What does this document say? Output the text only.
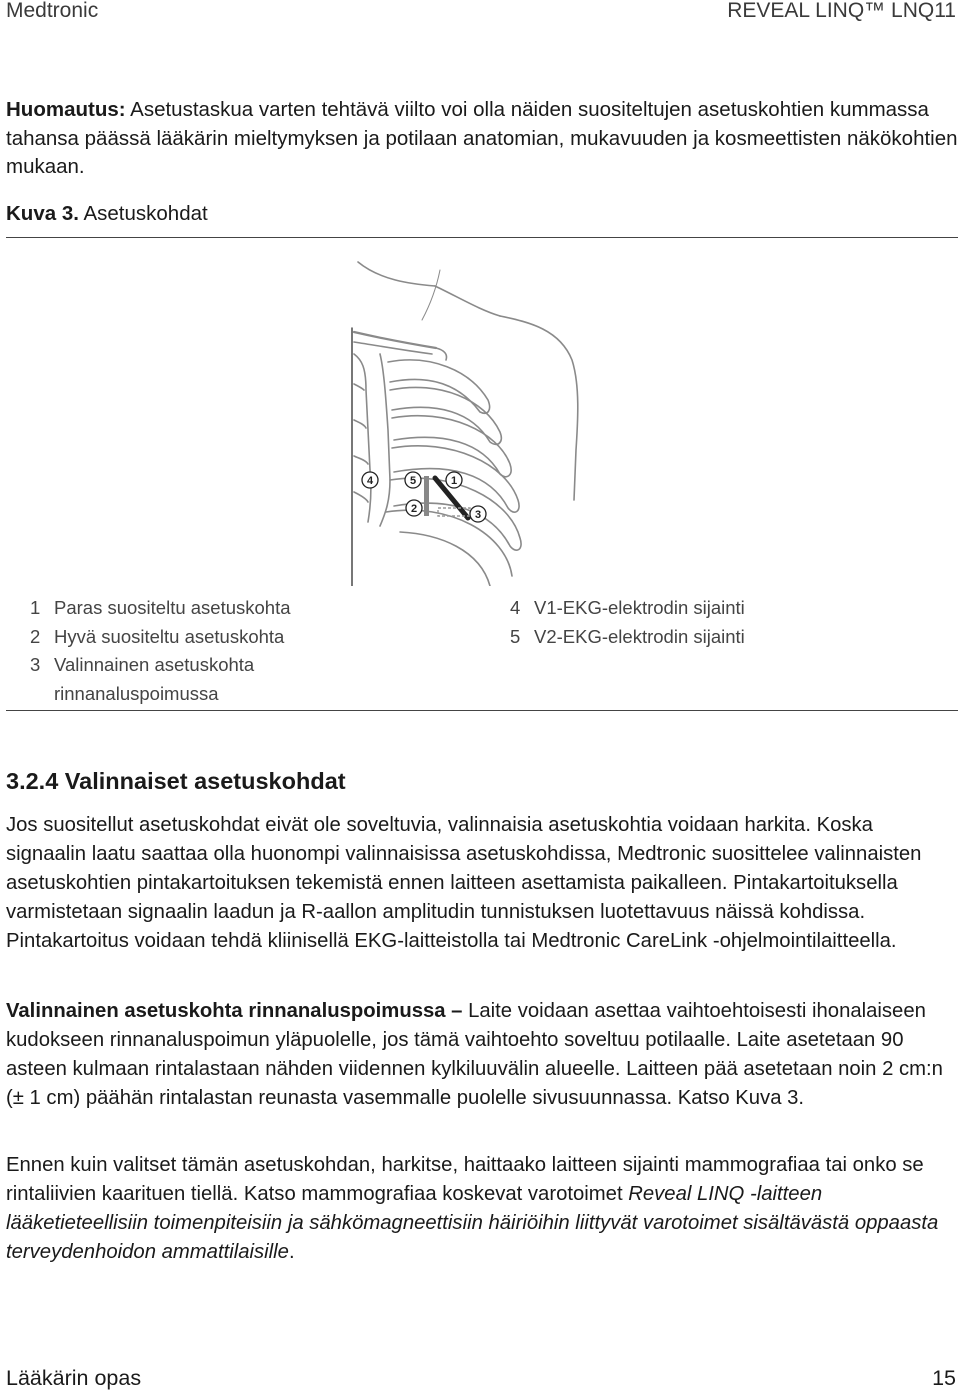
Medtronic	REVEAL LINQ™ LNQ11
Huomautus: Asetustaskua varten tehtävä viilto voi olla näiden suositeltujen asetuskohtien kummassa tahansa päässä lääkärin mieltymyksen ja potilaan anatomian, mukavuuden ja kosmeettisten näkökohtien mukaan.
Kuva 3. Asetuskohdat
4	5	1
2	3
1 Paras suositeltu asetuskohta
2 Hyvä suositeltu asetuskohta
3 Valinnainen asetuskohta
rinnanaluspoimussa
4 V1-EKG-elektrodin sijainti
5 V2-EKG-elektrodin sijainti
3.2.4 Valinnaiset asetuskohdat
Jos suositellut asetuskohdat eivät ole soveltuvia, valinnaisia asetuskohtia voidaan harkita. Koska signaalin laatu saattaa olla huonompi valinnaisissa asetuskohdissa, Medtronic suosittelee valinnaisten asetuskohtien pintakartoituksen tekemistä ennen laitteen asettamista paikalleen. Pintakartoituksella varmistetaan signaalin laadun ja R-aallon amplitudin tunnistuksen luotettavuus näissä kohdissa. Pintakartoitus voidaan tehdä kliinisellä EKG-laitteistolla tai Medtronic CareLink -ohjelmointilaitteella.
Valinnainen asetuskohta rinnanaluspoimussa – Laite voidaan asettaa vaihtoehtoisesti ihonalaiseen kudokseen rinnanaluspoimun yläpuolelle, jos tämä vaihtoehto soveltuu potilaalle. Laite asetetaan 90 asteen kulmaan rintalastaan nähden viidennen kylkiluuvälin alueelle. Laitteen pää asetetaan noin 2 cm:n (± 1 cm) päähän rintalastan reunasta vasemmalle puolelle sivusuunnassa. Katso Kuva 3.
Ennen kuin valitset tämän asetuskohdan, harkitse, haittaako laitteen sijainti mammografiaa tai onko se rintaliivien kaarituen tiellä. Katso mammografiaa koskevat varotoimet Reveal LINQ -laitteen lääketieteellisiin toimenpiteisiin ja sähkömagneettisiin häiriöihin liittyvät varotoimet sisältävästä oppaasta terveydenhoidon ammattilaisille.
Lääkärin opas	15
